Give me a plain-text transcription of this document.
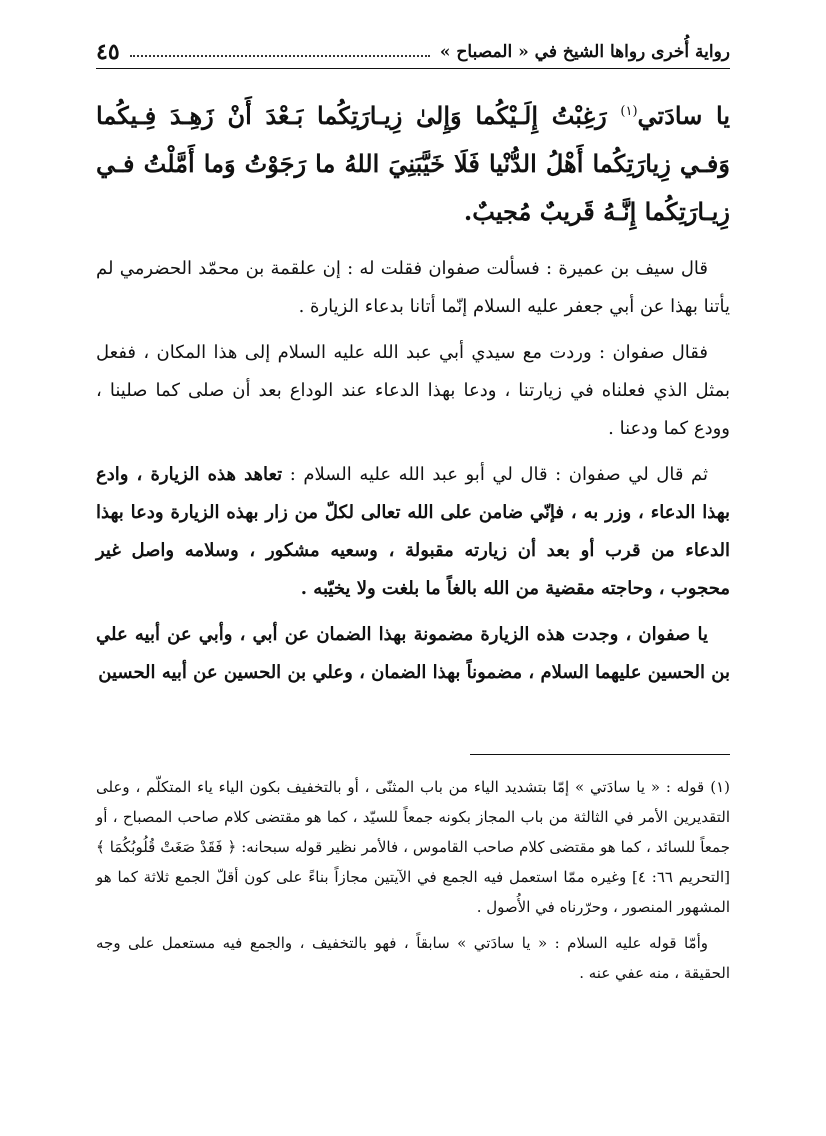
رواية أُخرى رواها الشيخ في « المصباح »
٤٥

يا سادَتي$^{(١)}$ رَغِبْتُ إِلَـيْكُما وَإِلىٰ زِيـارَتِكُما بَـعْدَ أَنْ زَهِـدَ فِـيكُما وَفـي زِيارَتِكُما أَهْلُ الدُّنْيا فَلَا خَيَّبَنِيَ اللهُ ما رَجَوْتُ وَما أَمَّلْتُ فـي زِيـارَتِكُما إِنَّـهُ قَريبٌ مُجيبٌ.

قال سيف بن عميرة : فسألت صفوان فقلت له : إن علقمة بن محمّد الحضرمي لم يأتنا بهذا عن أبي جعفر عليه السلام إنّما أتانا بدعاء الزيارة .

فقال صفوان : وردت مع سيدي أبي عبد الله عليه السلام إلى هذا المكان ، ففعل بمثل الذي فعلناه في زيارتنا ، ودعا بهذا الدعاء عند الوداع بعد أن صلى كما صلينا ، وودع كما ودعنا .

ثم قال لي صفوان : قال لي أبو عبد الله عليه السلام : تعاهد هذه الزيارة ، وادع بهذا الدعاء ، وزر به ، فإنّي ضامن على الله تعالى لكلّ من زار بهذه الزيارة ودعا بهذا الدعاء من قرب أو بعد أن زيارته مقبولة ، وسعيه مشكور ، وسلامه واصل غير محجوب ، وحاجته مقضية من الله بالغاً ما بلغت ولا يخيّبه .

يا صفوان ، وجدت هذه الزيارة مضمونة بهذا الضمان عن أبي ، وأبي عن أبيه علي بن الحسين عليهما السلام ، مضموناً بهذا الضمان ، وعلي بن الحسين عن أبيه الحسين

(١)قوله : « يا سادَتي » إمّا بتشديد الياء من باب المثنّى ، أو بالتخفيف بكون الياء ياء المتكلّم ، وعلى التقديرين الأمر في الثالثة من باب المجاز بكونه جمعاً للسيّد ، كما هو مقتضى كلام صاحب المصباح ، أو جمعاً للسائد ، كما هو مقتضى كلام صاحب القاموس ، فالأمر نظير قوله سبحانه: ﴿ فَقَدْ صَغَتْ قُلُوبُكُمَا ﴾ [التحريم ٦٦: ٤] وغيره ممّا استعمل فيه الجمع في الآيتين مجازاً بناءً على كون أقلّ الجمع ثلاثة كما هو المشهور المنصور ، وحرّرناه في الأُصول .

وأمّا قوله عليه السلام : « يا سادَتي » سابقاً ، فهو بالتخفيف ، والجمع فيه مستعمل على وجه الحقيقة ، منه عفي عنه .
